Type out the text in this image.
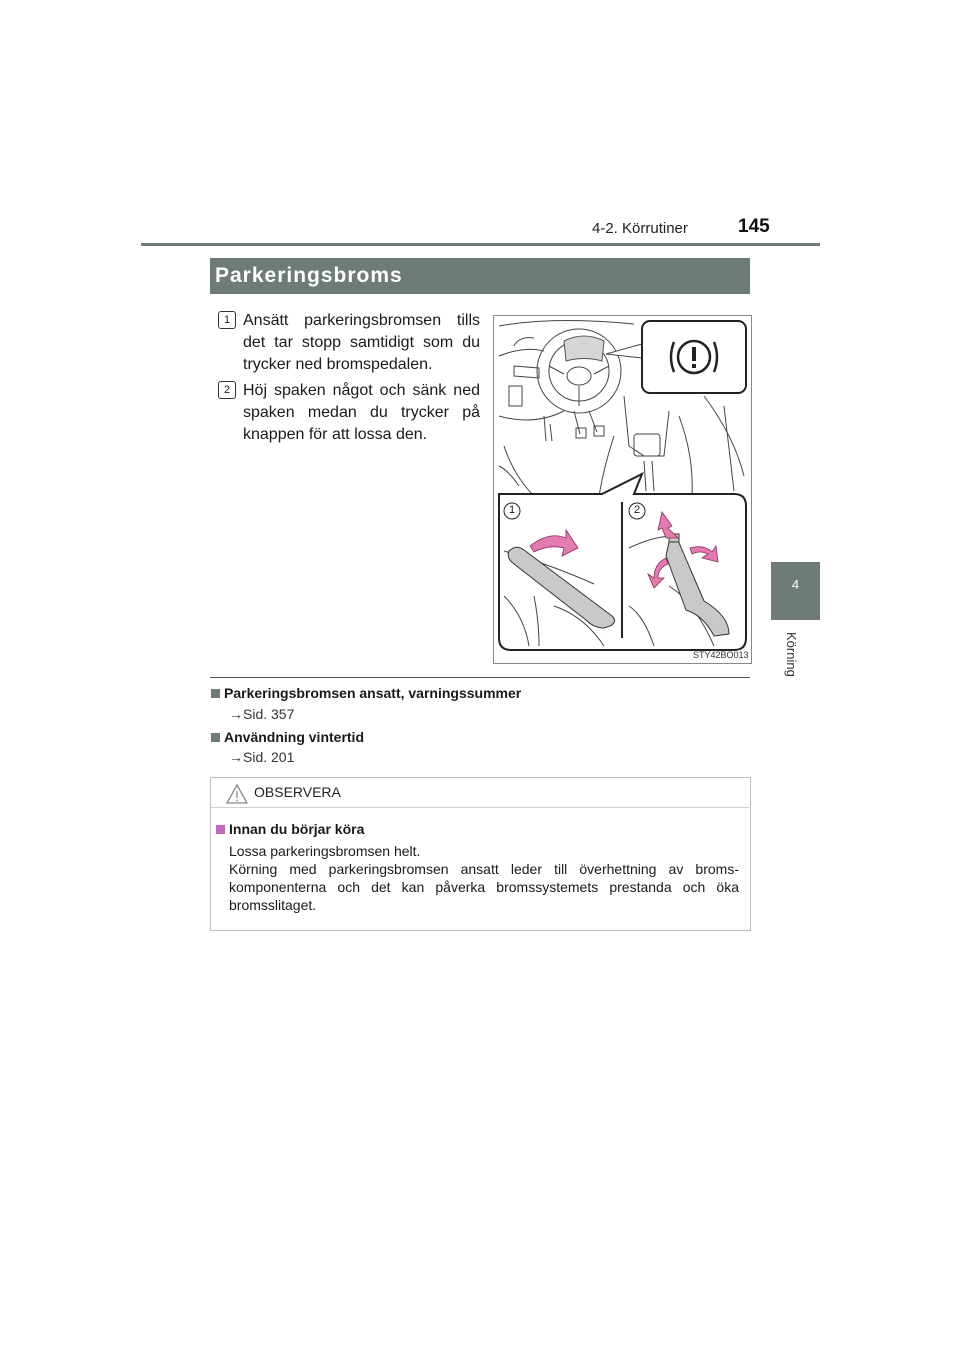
4-2. Körrutiner	145
4
Körning
Parkeringsbroms
1 Ansätt parkeringsbromsen tills det tar stopp samtidigt som du trycker ned bromspedalen.
2 Höj spaken något och sänk ned spaken medan du trycker på knappen för att lossa den.
1	2
STY42BO013
Parkeringsbromsen ansatt, varningssummer
→Sid. 357
Användning vintertid
→Sid. 201
OBSERVERA
Innan du börjar köra
Lossa parkeringsbromsen helt.
Körning med parkeringsbromsen ansatt leder till överhettning av bromskomponenterna och det kan påverka bromssystemets prestanda och öka bromsslitaget.
